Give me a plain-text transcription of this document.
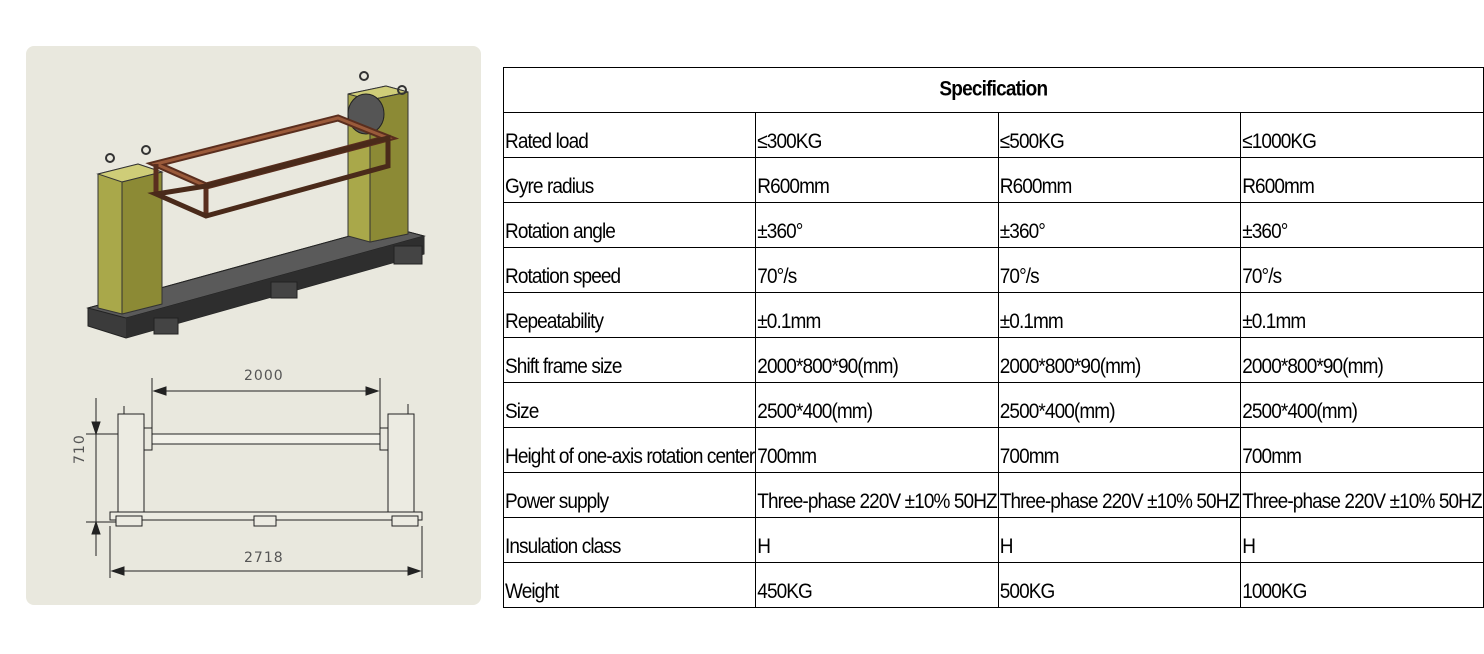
2000
710
2718
Specification			
Rated load	≤300KG	≤500KG	≤1000KG
Gyre radius	R600mm	R600mm	R600mm
Rotation angle	±360°	±360°	±360°
Rotation speed	70°/s	70°/s	70°/s
Repeatability	±0.1mm	±0.1mm	±0.1mm
Shift frame size	2000*800*90(mm)	2000*800*90(mm)	2000*800*90(mm)
Size	2500*400(mm)	2500*400(mm)	2500*400(mm)
Height of one-axis rotation center	700mm	700mm	700mm
Power supply	Three-phase 220V ±10% 50HZ	Three-phase 220V ±10% 50HZ	Three-phase 220V ±10% 50HZ
Insulation class	H	H	H
Weight	450KG	500KG	1000KG
